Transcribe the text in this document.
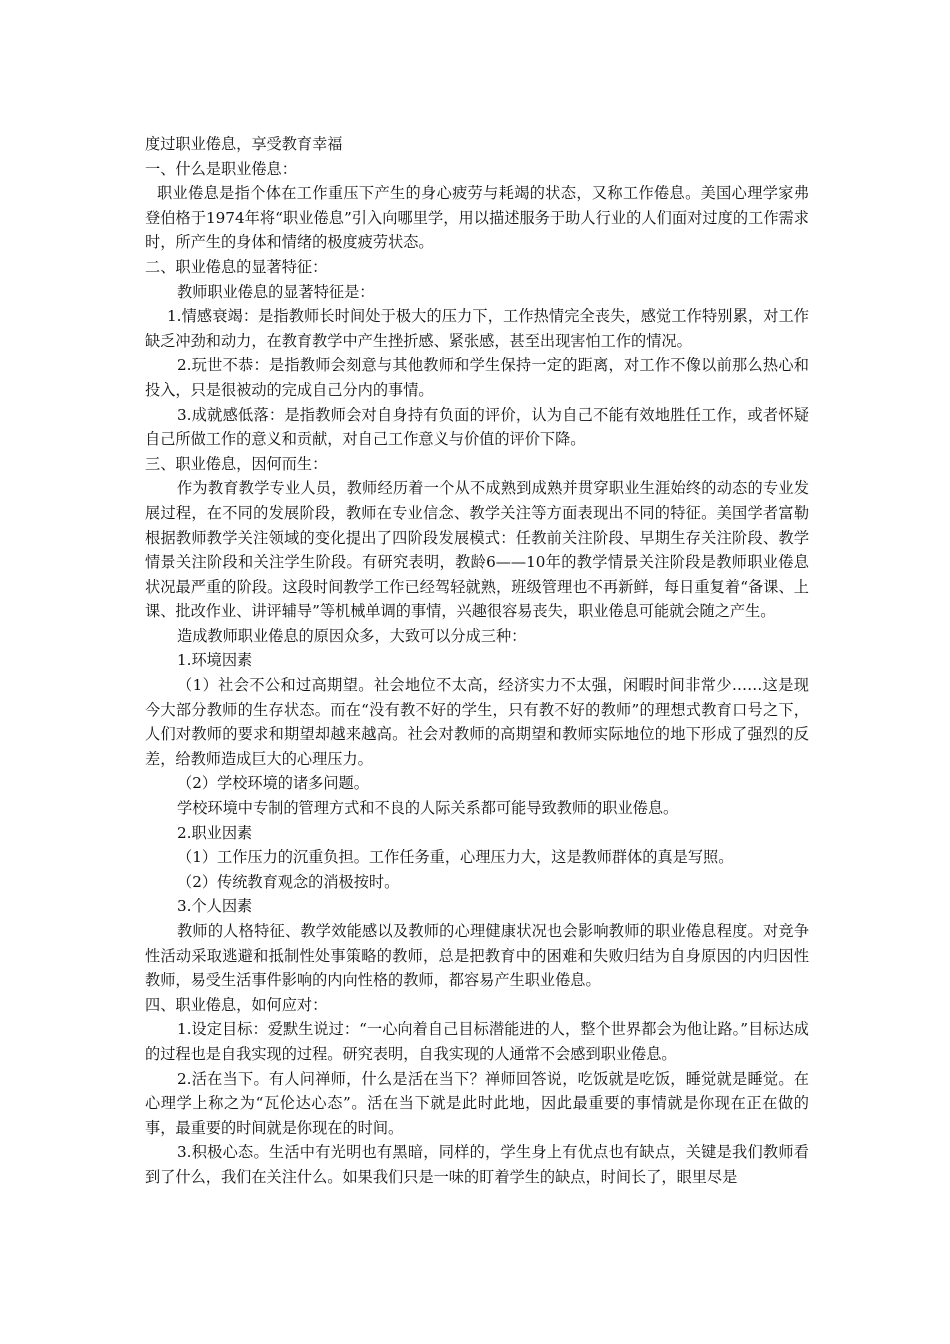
度过职业倦息，享受教育幸福

一、什么是职业倦息：

职业倦息是指个体在工作重压下产生的身心疲劳与耗竭的状态，又称工作倦息。美国心理学家弗登伯格于1974年将“职业倦息”引入向哪里学，用以描述服务于助人行业的人们面对过度的工作需求时，所产生的身体和情绪的极度疲劳状态。

二、职业倦息的显著特征：

教师职业倦息的显著特征是：

1.情感衰竭：是指教师长时间处于极大的压力下，工作热情完全丧失，感觉工作特别累，对工作缺乏冲劲和动力，在教育教学中产生挫折感、紧张感，甚至出现害怕工作的情况。

2.玩世不恭：是指教师会刻意与其他教师和学生保持一定的距离，对工作不像以前那么热心和投入，只是很被动的完成自己分内的事情。

3.成就感低落：是指教师会对自身持有负面的评价，认为自己不能有效地胜任工作，或者怀疑自己所做工作的意义和贡献，对自己工作意义与价值的评价下降。

三、职业倦息，因何而生：

作为教育教学专业人员，教师经历着一个从不成熟到成熟并贯穿职业生涯始终的动态的专业发展过程，在不同的发展阶段，教师在专业信念、教学关注等方面表现出不同的特征。美国学者富勒根据教师教学关注领域的变化提出了四阶段发展模式：任教前关注阶段、早期生存关注阶段、教学情景关注阶段和关注学生阶段。有研究表明，教龄6——10年的教学情景关注阶段是教师职业倦息状况最严重的阶段。这段时间教学工作已经驾轻就熟，班级管理也不再新鲜，每日重复着“备课、上课、批改作业、讲评辅导”等机械单调的事情，兴趣很容易丧失，职业倦息可能就会随之产生。

造成教师职业倦息的原因众多，大致可以分成三种：

1.环境因素

（1）社会不公和过高期望。社会地位不太高，经济实力不太强，闲暇时间非常少……这是现今大部分教师的生存状态。而在“没有教不好的学生，只有教不好的教师”的理想式教育口号之下，人们对教师的要求和期望却越来越高。社会对教师的高期望和教师实际地位的地下形成了强烈的反差，给教师造成巨大的心理压力。

（2）学校环境的诸多问题。

学校环境中专制的管理方式和不良的人际关系都可能导致教师的职业倦息。

2.职业因素

（1）工作压力的沉重负担。工作任务重，心理压力大，这是教师群体的真是写照。

（2）传统教育观念的消极按时。

3.个人因素

教师的人格特征、教学效能感以及教师的心理健康状况也会影响教师的职业倦息程度。对竞争性活动采取逃避和抵制性处事策略的教师，总是把教育中的困难和失败归结为自身原因的内归因性教师，易受生活事件影响的内向性格的教师，都容易产生职业倦息。

四、职业倦息，如何应对：

1.设定目标：爱默生说过：“一心向着自己目标潜能进的人，整个世界都会为他让路。”目标达成的过程也是自我实现的过程。研究表明，自我实现的人通常不会感到职业倦息。

2.活在当下。有人问禅师，什么是活在当下？禅师回答说，吃饭就是吃饭，睡觉就是睡觉。在心理学上称之为“瓦伦达心态”。活在当下就是此时此地，因此最重要的事情就是你现在正在做的事，最重要的时间就是你现在的时间。

3.积极心态。生活中有光明也有黑暗，同样的，学生身上有优点也有缺点，关键是我们教师看到了什么，我们在关注什么。如果我们只是一味的盯着学生的缺点，时间长了，眼里尽是
